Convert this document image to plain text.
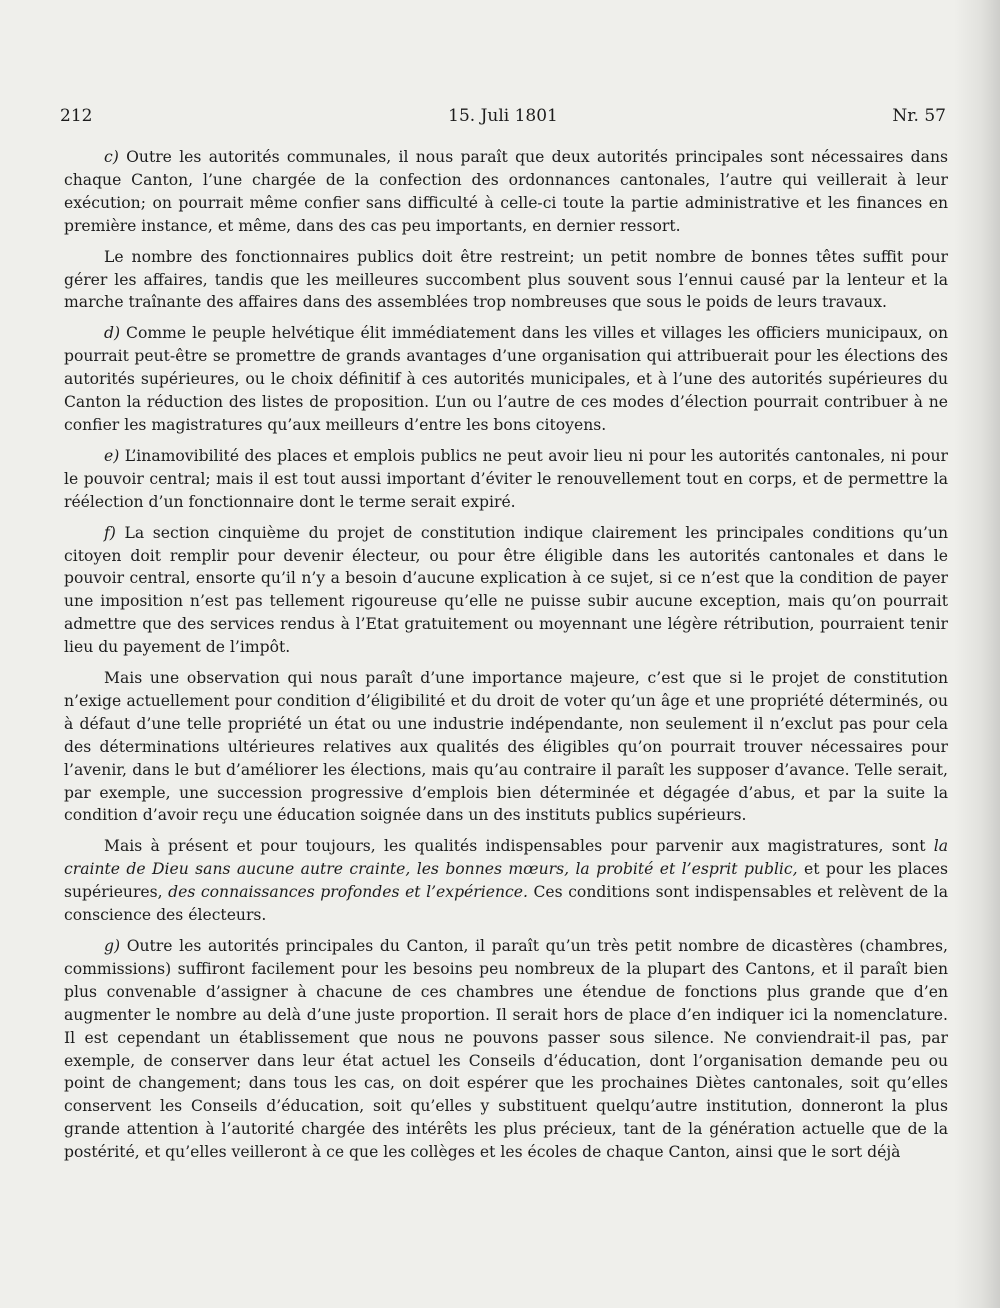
212	15. Juli 1801	Nr. 57

c) Outre les autorités communales, il nous paraît que deux autorités principales sont nécessaires dans chaque Canton, l’une chargée de la confection des ordonnances cantonales, l’autre qui veillerait à leur exécution; on pourrait même confier sans difficulté à celle-ci toute la partie administrative et les finances en première instance, et même, dans des cas peu importants, en dernier ressort.

Le nombre des fonctionnaires publics doit être restreint; un petit nombre de bonnes têtes suffit pour gérer les affaires, tandis que les meilleures succombent plus souvent sous l’ennui causé par la lenteur et la marche traînante des affaires dans des assemblées trop nombreuses que sous le poids de leurs travaux.

d) Comme le peuple helvétique élit immédiatement dans les villes et villages les officiers municipaux, on pourrait peut-être se promettre de grands avantages d’une organisation qui attribuerait pour les élections des autorités supérieures, ou le choix définitif à ces autorités municipales, et à l’une des autorités supérieures du Canton la réduction des listes de proposition. L’un ou l’autre de ces modes d’élection pourrait contribuer à ne confier les magistratures qu’aux meilleurs d’entre les bons citoyens.

e) L’inamovibilité des places et emplois publics ne peut avoir lieu ni pour les autorités cantonales, ni pour le pouvoir central; mais il est tout aussi important d’éviter le renouvellement tout en corps, et de permettre la réélection d’un fonctionnaire dont le terme serait expiré.

f) La section cinquième du projet de constitution indique clairement les principales conditions qu’un citoyen doit remplir pour devenir électeur, ou pour être éligible dans les autorités cantonales et dans le pouvoir central, ensorte qu’il n’y a besoin d’aucune explication à ce sujet, si ce n’est que la condition de payer une imposition n’est pas tellement rigoureuse qu’elle ne puisse subir aucune exception, mais qu’on pourrait admettre que des services rendus à l’Etat gratuitement ou moyennant une légère rétribution, pourraient tenir lieu du payement de l’impôt.

Mais une observation qui nous paraît d’une importance majeure, c’est que si le projet de constitution n’exige actuellement pour condition d’éligibilité et du droit de voter qu’un âge et une propriété déterminés, ou à défaut d’une telle propriété un état ou une industrie indépendante, non seulement il n’exclut pas pour cela des déterminations ultérieures relatives aux qualités des éligibles qu’on pourrait trouver nécessaires pour l’avenir, dans le but d’améliorer les élections, mais qu’au contraire il paraît les supposer d’avance. Telle serait, par exemple, une succession progressive d’emplois bien déterminée et dégagée d’abus, et par la suite la condition d’avoir reçu une éducation soignée dans un des instituts publics supérieurs.

Mais à présent et pour toujours, les qualités indispensables pour parvenir aux magistratures, sont la crainte de Dieu sans aucune autre crainte, les bonnes mœurs, la probité et l’esprit public, et pour les places supérieures, des connaissances profondes et l’expérience. Ces conditions sont indispensables et relèvent de la conscience des électeurs.

g) Outre les autorités principales du Canton, il paraît qu’un très petit nombre de dicastères (chambres, commissions) suffiront facilement pour les besoins peu nombreux de la plupart des Cantons, et il paraît bien plus convenable d’assigner à chacune de ces chambres une étendue de fonctions plus grande que d’en augmenter le nombre au delà d’une juste proportion. Il serait hors de place d’en indiquer ici la nomenclature. Il est cependant un établissement que nous ne pouvons passer sous silence. Ne conviendrait-il pas, par exemple, de conserver dans leur état actuel les Conseils d’éducation, dont l’organisation demande peu ou point de changement; dans tous les cas, on doit espérer que les prochaines Diètes cantonales, soit qu’elles conservent les Conseils d’éducation, soit qu’elles y substituent quelqu’autre institution, donneront la plus grande attention à l’autorité chargée des intérêts les plus précieux, tant de la génération actuelle que de la postérité, et qu’elles veilleront à ce que les collèges et les écoles de chaque Canton, ainsi que le sort déjà
